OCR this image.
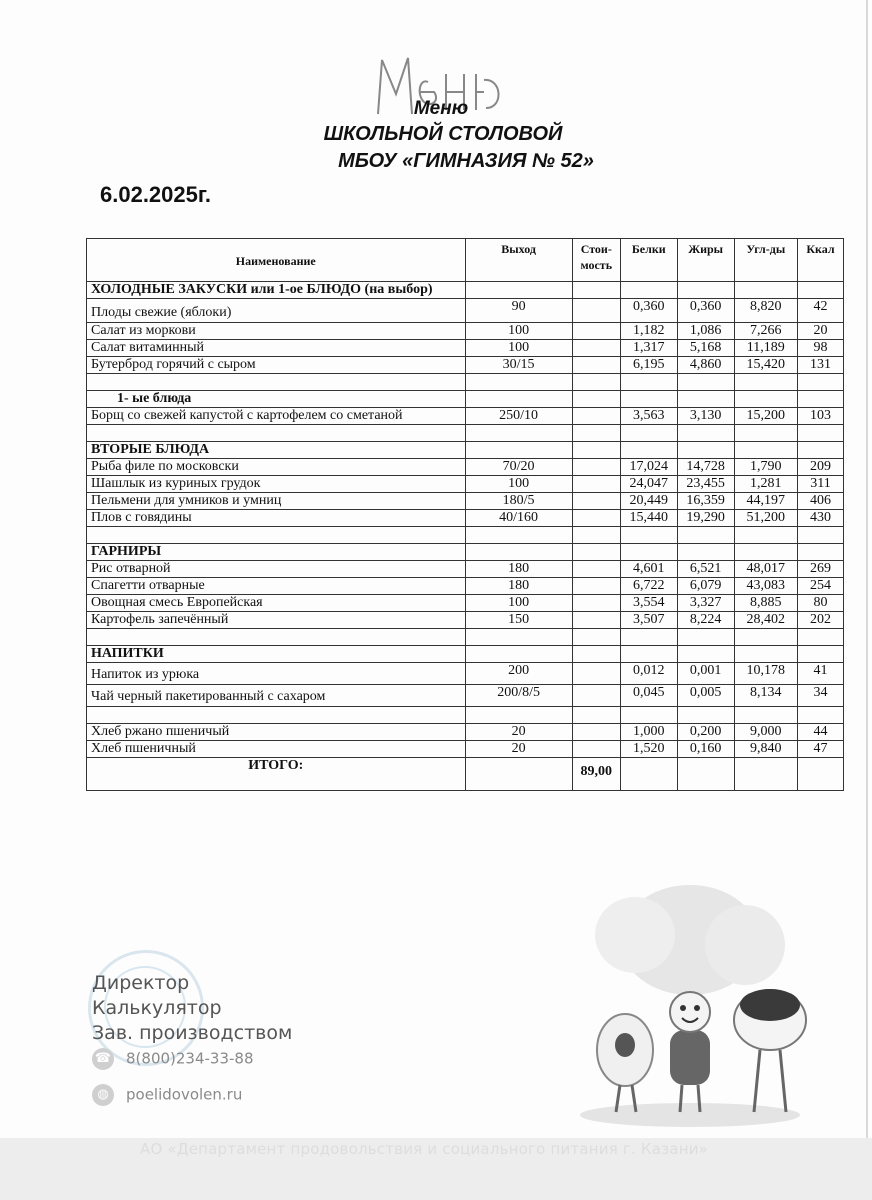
Меню
ШКОЛЬНОЙ СТОЛОВОЙ
МБОУ «ГИМНАЗИЯ № 52»
6.02.2025г.
Наименование	Выход	Стои-мость	Белки	Жиры	Угл-ды	Ккал
ХОЛОДНЫЕ ЗАКУСКИ или 1-ое БЛЮДО (на выбор)						
Плоды свежие (яблоки)	90		0,360	0,360	8,820	42
Салат из моркови	100		1,182	1,086	7,266	20
Салат витаминный	100		1,317	5,168	11,189	98
Бутерброд горячий с сыром	30/15		6,195	4,860	15,420	131

1- ые блюда						
Борщ со свежей капустой с картофелем со сметаной	250/10		3,563	3,130	15,200	103

ВТОРЫЕ БЛЮДА						
Рыба филе по московски	70/20		17,024	14,728	1,790	209
Шашлык из куриных грудок	100		24,047	23,455	1,281	311
Пельмени для умников и умниц	180/5		20,449	16,359	44,197	406
Плов с говядины	40/160		15,440	19,290	51,200	430

ГАРНИРЫ						
Рис отварной	180		4,601	6,521	48,017	269
Спагетти отварные	180		6,722	6,079	43,083	254
Овощная смесь Европейская	100		3,554	3,327	8,885	80
Картофель запечённый	150		3,507	8,224	28,402	202

НАПИТКИ						
Напиток из урюка	200		0,012	0,001	10,178	41
Чай черный пакетированный с сахаром	200/8/5		0,045	0,005	8,134	34

Хлеб ржано пшеничый	20		1,000	0,200	9,000	44
Хлеб пшеничный	20		1,520	0,160	9,840	47
ИТОГО:		89,00				
Директор
Калькулятор
Зав. производством
☎ 8(800)234-33-88
◍ poelidovolen.ru
АО «Департамент продовольствия и социального питания г. Казани»
